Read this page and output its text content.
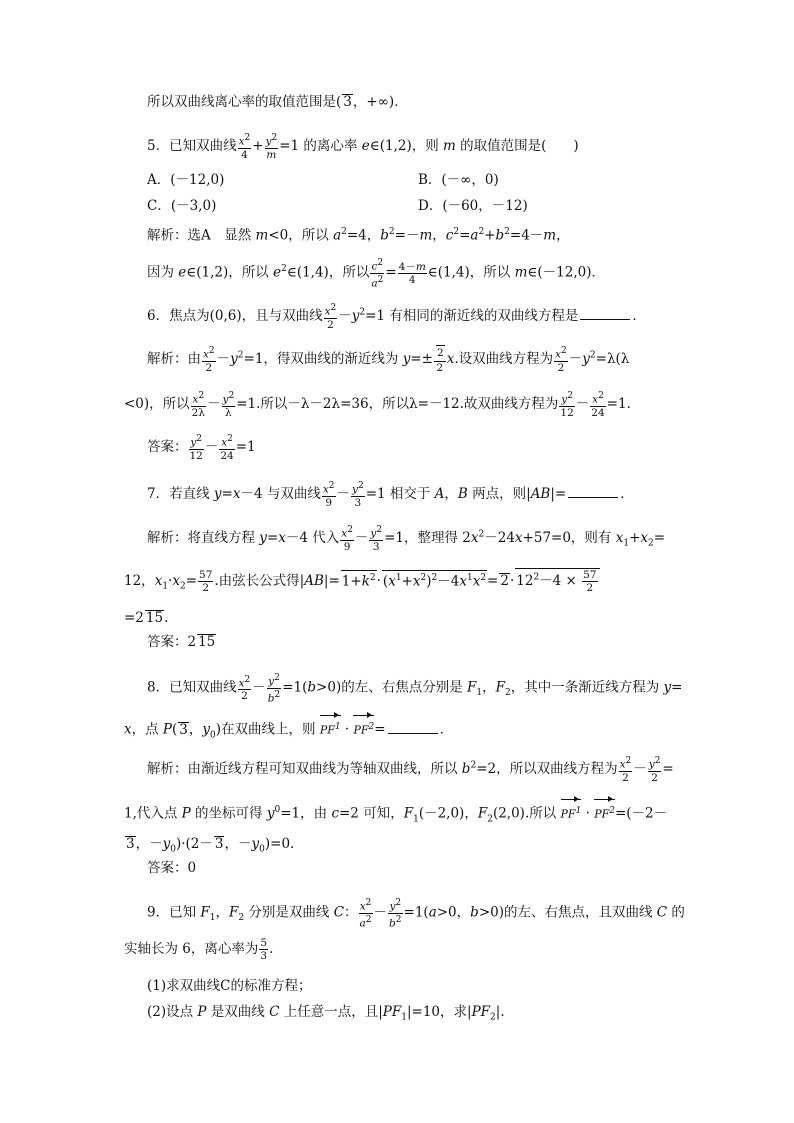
所以双曲线离心率的取值范围是( 3，+∞)．
5．已知双曲线 $\frac{x2}{4} + \frac{y2}{m} =1$ 的离心率 e∈(1,2)，则 m 的取值范围是(　　)
A．(－12,0)	B．(－∞，0)
C．(－3,0)	D．(－60，－12)
解析：选A　显然 m<0，所以 $a^2=4$，$b^2=-m$，$c^2=a^2+b^2=4-m$，
因为 e∈(1,2)，所以 $e^2\in(1,4)$，所以 $\frac{c2}{a2} = \frac{4-m}{4}$ ∈(1,4)，所以 m∈(－12,0)．
6．焦点为(0,6)，且与双曲线 $\frac{x2}{2} -y^2=1$ 有相同的渐近线的双曲线方程是	．
解析：由 $\frac{x2}{2} -y^2=1$，得双曲线的渐近线为 $y=\pm \frac{2}{2} x$.设双曲线方程为 $\frac{x2}{2} -y^2=\lambda(\lambda$
<0)，所以 $\frac{x2}{2\lambda} - \frac{y2}{\lambda} =1$.所以－λ－2λ=36，所以λ=－12.故双曲线方程为 $\frac{y2}{12} - \frac{x2}{24} =1$.
答案： $\frac{y2}{12} - \frac{x2}{24} =1$
7．若直线 y=x－4 与双曲线 $\frac{x2}{9} - \frac{y2}{3} =1$ 相交于 A，B 两点，则|AB|=	．
解析：将直线方程 y=x－4 代入 $\frac{x2}{9} - \frac{y2}{3} =1$，整理得 $2x^2-24x+57=0$，则有 $x_1+x_2=$
12，$x_1\cdot x_2= \frac{57}{2}$ .由弦长公式得$|AB|= 1+k^2\cdot (x^1+x^2)^2-4x^1x^2= 2\cdot 12^2-4 \times \frac{57}{2}$
=2 15.
答案：2 15
8．已知双曲线 $\frac{x2}{2} - \frac{y2}{b2} =1(b>0)$的左、右焦点分别是 $F_1$，$F_2$，其中一条渐近线方程为 y=
x，点 P( 3，$y_0$)在双曲线上，则 $PF^1 \cdot PF^2=$	．
解析：由渐近线方程可知双曲线为等轴双曲线，所以 $b^2=2$，所以双曲线方程为 $\frac{x2}{2} - \frac{y2}{2}$ =
1,代入点 P 的坐标可得 $y^0=1$，由 c=2 可知，$F_1(-2,0)$，$F_2(2,0)$.所以 $PF^1 \cdot PF^2=(-2-$
3，$-y_0)\cdot(2- 3$，$-y_0)=0$.
答案：0
9．已知 $F_1$，$F_2$ 分别是双曲线 C： $\frac{x2}{a2} - \frac{y2}{b2} =1(a>0$，b>0)的左、右焦点，且双曲线 C 的
实轴长为 6，离心率为 $\frac{5}{3}$ .
(1)求双曲线C的标准方程；
(2)设点 P 是双曲线 C 上任意一点，且$|PF_1|=10$，求$|PF_2|$.
